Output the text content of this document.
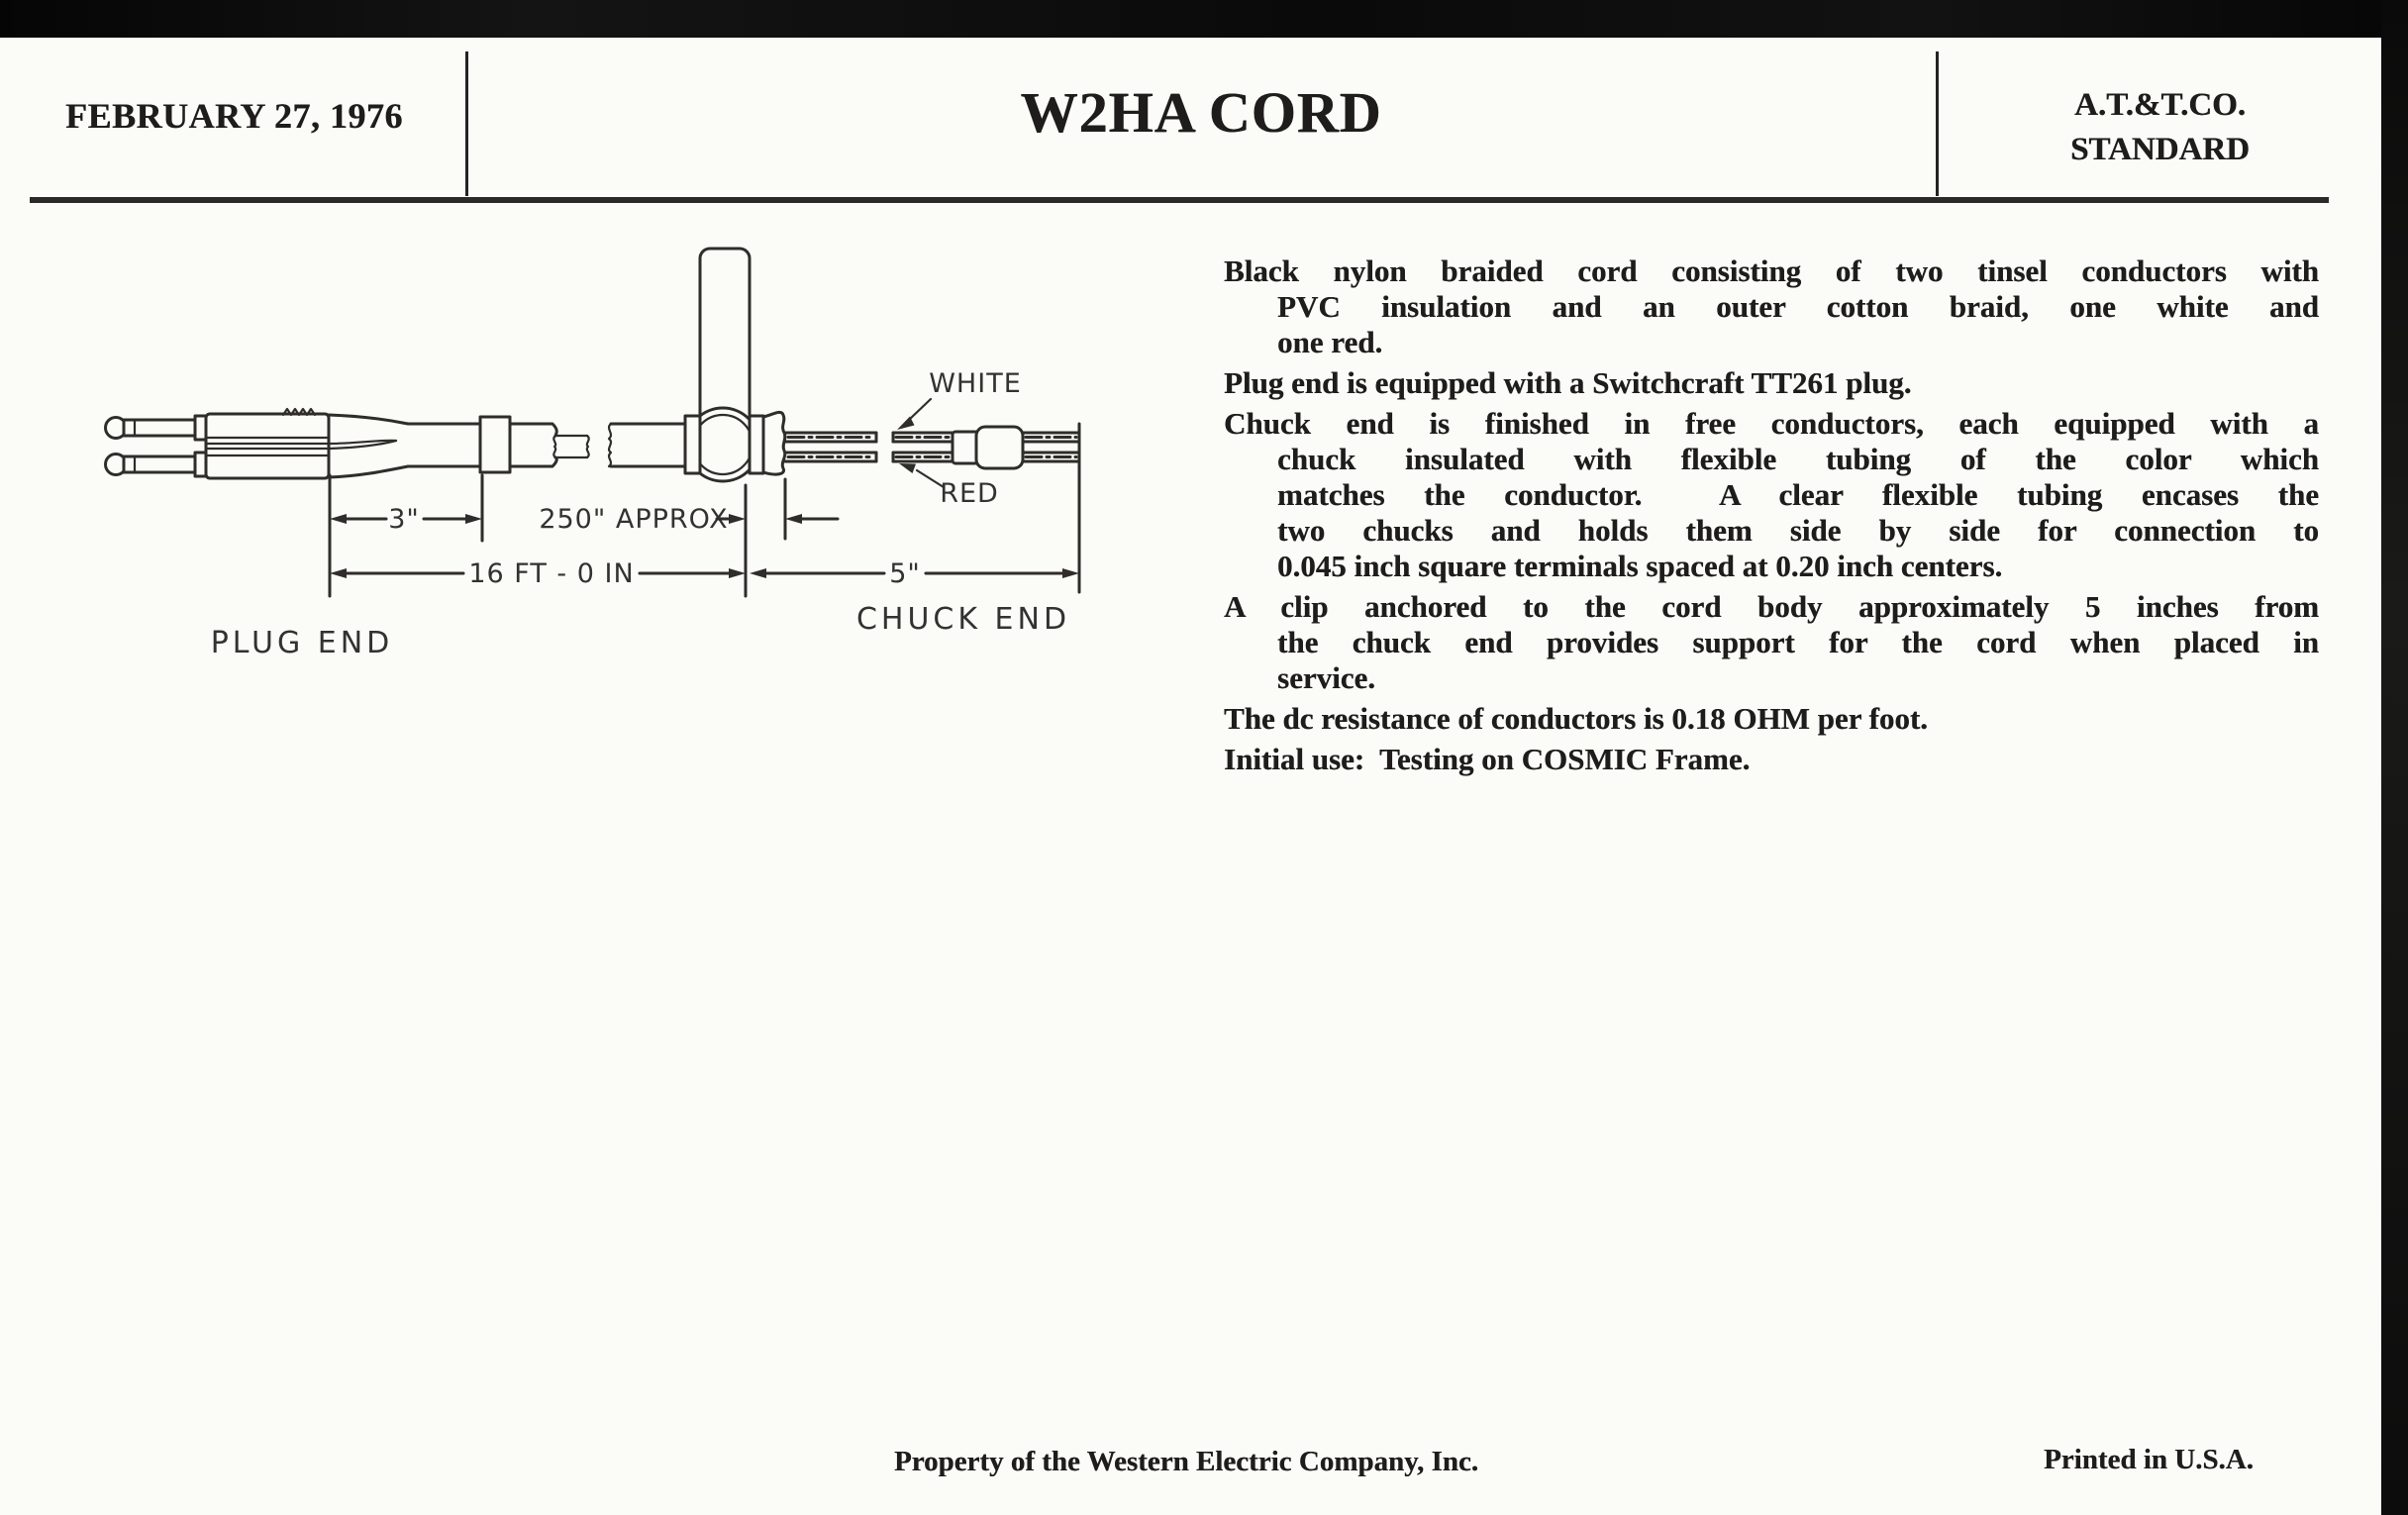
FEBRUARY 27, 1976	W2HA CORD	A.T.&T.CO.
STANDARD

Black nylon braided cord consisting of two tinsel conductors with
PVC insulation and an outer cotton braid, one white and
one red.

Plug end is equipped with a Switchcraft TT261 plug.

Chuck end is finished in free conductors, each equipped with a
chuck insulated with flexible tubing of the color which
matches the conductor.  A clear flexible tubing encases the
two chucks and holds them side by side for connection to
0.045 inch square terminals spaced at 0.20 inch centers.

A clip anchored to the cord body approximately 5 inches from
the chuck end provides support for the cord when placed in
service.

The dc resistance of conductors is 0.18 OHM per foot.

Initial use:  Testing on COSMIC Frame.

WHITE
RED
3"	250" APPROX
16 FT - 0 IN	5"
PLUG END
CHUCK END
Property of the Western Electric Company, Inc.	Printed in U.S.A.
